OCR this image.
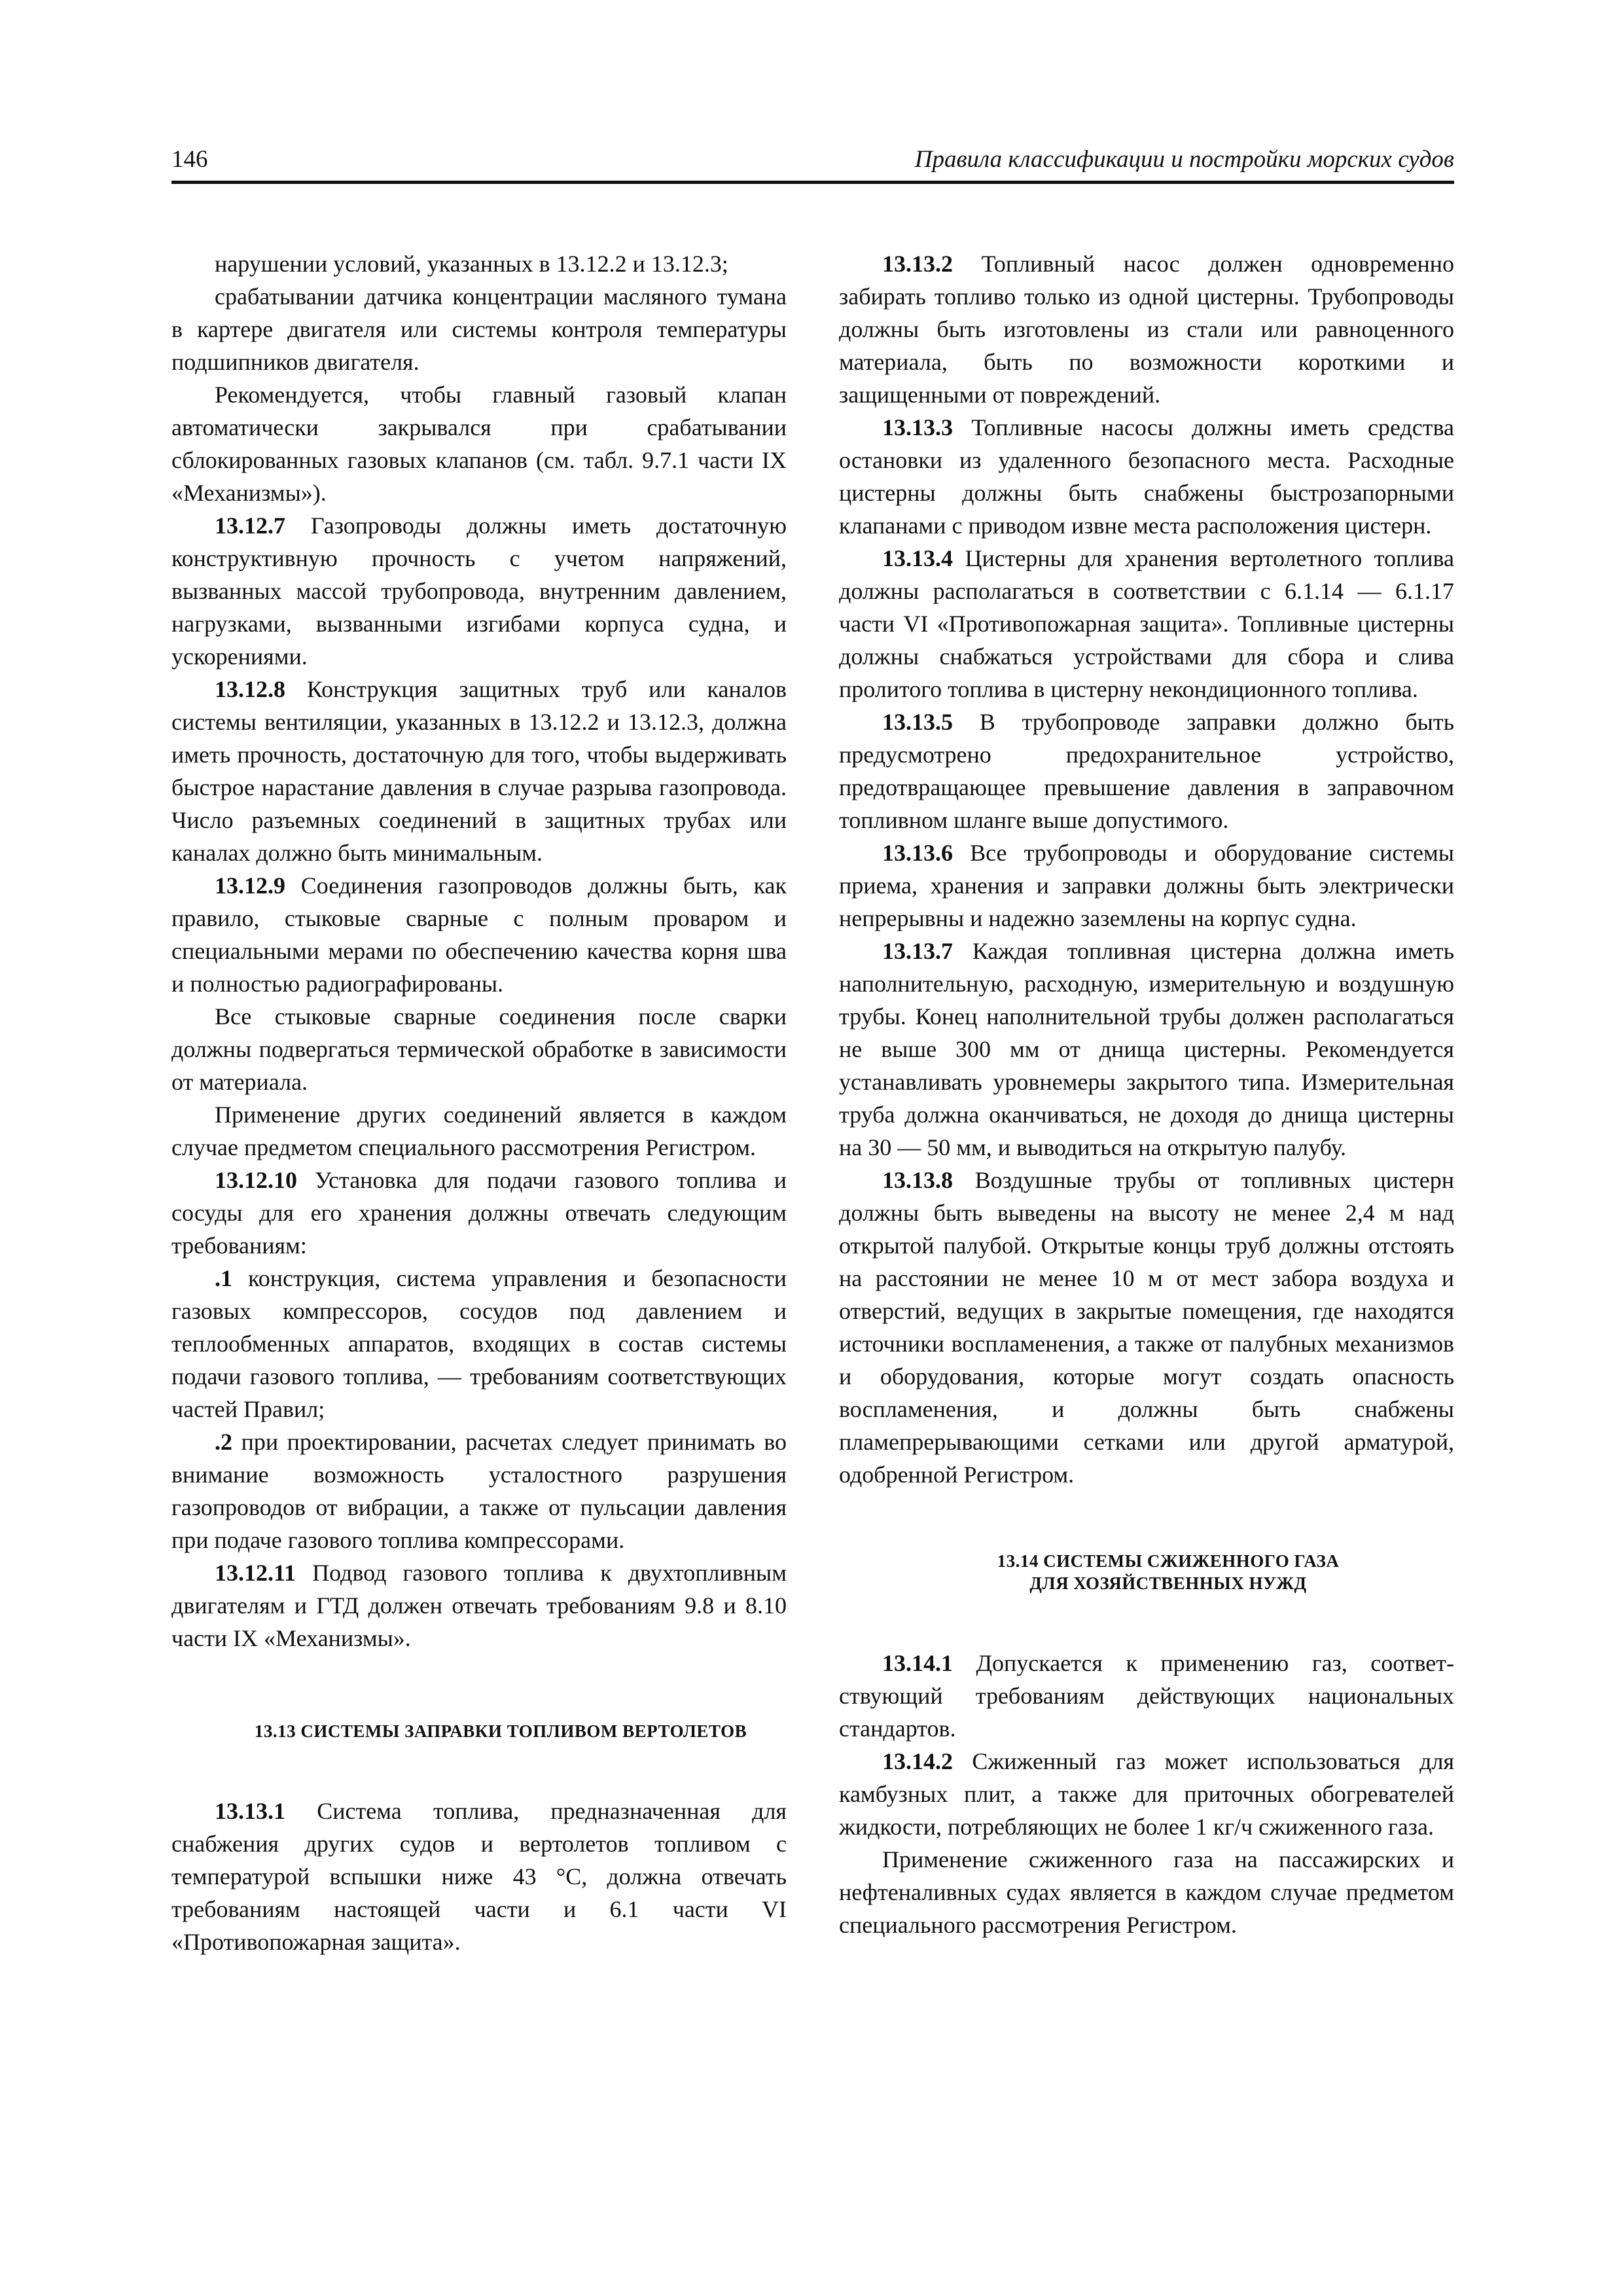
146	Правила классификации и постройки морских судов

нарушении условий, указанных в 13.12.2 и 13.12.3;

срабатывании датчика концентрации масляного тумана в картере двигателя или системы контроля температуры подшипников двигателя.

Рекомендуется, чтобы главный газовый клапан автоматически закрывался при срабатывании сблокированных газовых клапанов (см. табл. 9.7.1 части IX «Механизмы»).

13.12.7 Газопроводы должны иметь достаточную конструктивную прочность с учетом напряжений, вызванных массой трубопровода, внутренним давлением, нагрузками, вызванными изгибами корпуса судна, и ускорениями.

13.12.8 Конструкция защитных труб или каналов системы вентиляции, указанных в 13.12.2 и 13.12.3, должна иметь прочность, достаточную для того, чтобы выдерживать быстрое нарастание давления в случае разрыва газопровода. Число разъемных соединений в защитных трубах или каналах должно быть минимальным.

13.12.9 Соединения газопроводов должны быть, как правило, стыковые сварные с полным проваром и специальными мерами по обеспечению качества корня шва и полностью радиографированы.

Все стыковые сварные соединения после сварки должны подвергаться термической обработке в зависимости от материала.

Применение других соединений является в каждом случае предметом специального рассмотрения Регистром.

13.12.10 Установка для подачи газового топлива и сосуды для его хранения должны отвечать следующим требованиям:

.1 конструкция, система управления и безопасности газовых компрессоров, сосудов под давлением и теплообменных аппаратов, входящих в состав системы подачи газового топлива, — требованиям соответствующих частей Правил;

.2 при проектировании, расчетах следует принимать во внимание возможность усталостного разрушения газопроводов от вибрации, а также от пульсации давления при подаче газового топлива компрессорами.

13.12.11 Подвод газового топлива к двухтопливным двигателям и ГТД должен отвечать требованиям 9.8 и 8.10 части IX «Механизмы».

13.13 СИСТЕМЫ ЗАПРАВКИ ТОПЛИВОМ ВЕРТОЛЕТОВ

13.13.1 Система топлива, предназначенная для снабжения других судов и вертолетов топливом с температурой вспышки ниже 43 °С, должна отвечать требованиям настоящей части и 6.1 части VI «Противопожарная защита».

13.13.2 Топливный насос должен одновременно забирать топливо только из одной цистерны. Трубопроводы должны быть изготовлены из стали или равноценного материала, быть по возможности короткими и защищенными от повреждений.

13.13.3 Топливные насосы должны иметь средства остановки из удаленного безопасного места. Расходные цистерны должны быть снабжены быстрозапорными клапанами с приводом извне места расположения цистерн.

13.13.4 Цистерны для хранения вертолетного топлива должны располагаться в соответствии с 6.1.14 — 6.1.17 части VI «Противопожарная защита». Топливные цистерны должны снабжаться устройствами для сбора и слива пролитого топлива в цистерну некондиционного топлива.

13.13.5 В трубопроводе заправки должно быть предусмотрено предохранительное устройство, предотвращающее превышение давления в заправочном топливном шланге выше допустимого.

13.13.6 Все трубопроводы и оборудование системы приема, хранения и заправки должны быть электрически непрерывны и надежно заземлены на корпус судна.

13.13.7 Каждая топливная цистерна должна иметь наполнительную, расходную, измерительную и воздушную трубы. Конец наполнительной трубы должен располагаться не выше 300 мм от днища цистерны. Рекомендуется устанавливать уровнемеры закрытого типа. Измерительная труба должна оканчиваться, не доходя до днища цистерны на 30 — 50 мм, и выводиться на открытую палубу.

13.13.8 Воздушные трубы от топливных цистерн должны быть выведены на высоту не менее 2,4 м над открытой палубой. Открытые концы труб должны отстоять на расстоянии не менее 10 м от мест забора воздуха и отверстий, ведущих в закрытые помещения, где находятся источники воспламенения, а также от палубных механизмов и оборудования, которые могут создать опасность воспламенения, и должны быть снабжены пламепрерывающими сетками или другой арматурой, одобренной Регистром.

13.14 СИСТЕМЫ СЖИЖЕННОГО ГАЗА

ДЛЯ ХОЗЯЙСТВЕННЫХ НУЖД

13.14.1 Допускается к применению газ, соответствующий требованиям действующих национальных стандартов.

13.14.2 Сжиженный газ может использоваться для камбузных плит, а также для приточных обогревателей жидкости, потребляющих не более 1 кг/ч сжиженного газа.

Применение сжиженного газа на пассажирских и нефтеналивных судах является в каждом случае предметом специального рассмотрения Регистром.
